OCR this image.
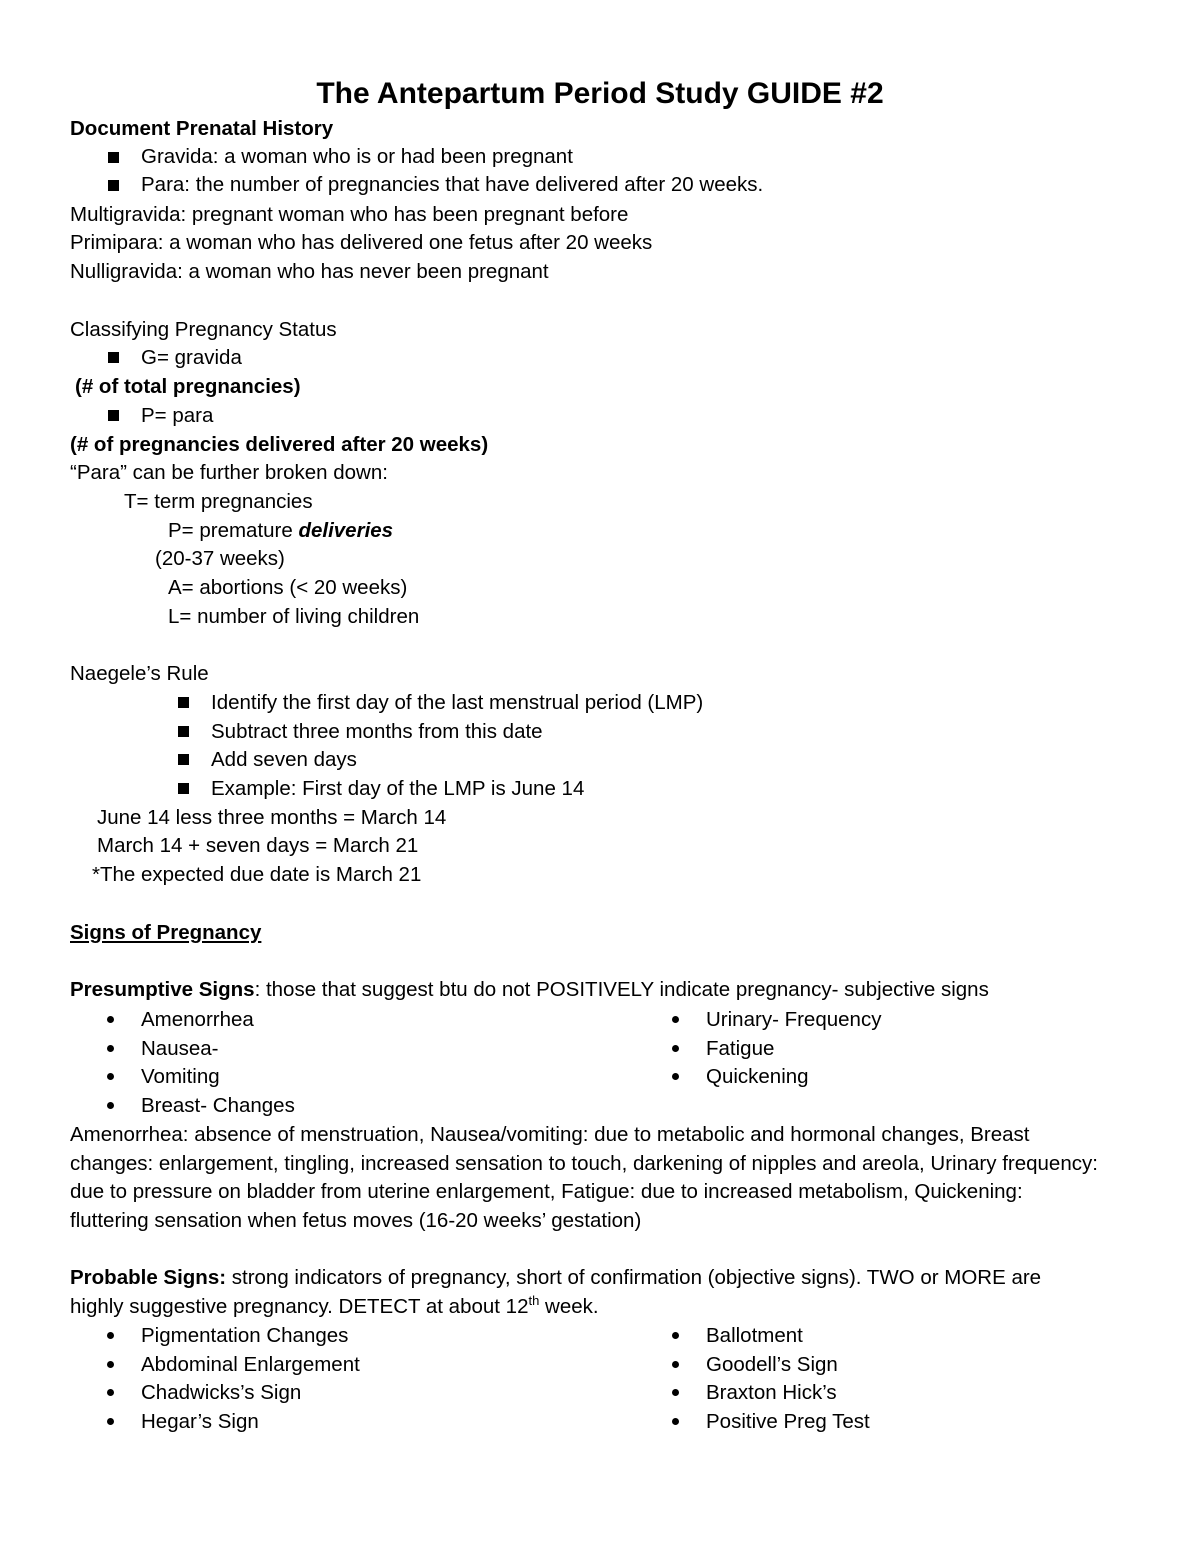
The Antepartum Period Study GUIDE #2
Document Prenatal History
Gravida: a woman who is or had been pregnant
Para: the number of pregnancies that have delivered after 20 weeks.
Multigravida: pregnant woman who has been pregnant before
Primipara: a woman who has delivered one fetus after 20 weeks
Nulligravida: a woman who has never been pregnant
Classifying Pregnancy Status
G= gravida
(# of total pregnancies)
P= para
(# of pregnancies delivered after 20 weeks)
“Para” can be further broken down:
T= term pregnancies
P= premature deliveries
(20-37 weeks)
A= abortions (< 20 weeks)
L= number of living children
Naegele’s Rule
Identify the first day of the last menstrual period (LMP)
Subtract three months from this date
Add seven days
Example: First day of the LMP is June 14
June 14 less three months = March 14
March 14 + seven days = March 21
*The expected due date is March 21
Signs of Pregnancy
Presumptive Signs: those that suggest btu do not POSITIVELY indicate pregnancy- subjective signs
Amenorrhea
Nausea-
Vomiting
Breast- Changes
Urinary- Frequency
Fatigue
Quickening
Amenorrhea: absence of menstruation, Nausea/vomiting: due to metabolic and hormonal changes, Breast changes: enlargement, tingling, increased sensation to touch, darkening of nipples and areola, Urinary frequency: due to pressure on bladder from uterine enlargement, Fatigue: due to increased metabolism, Quickening: fluttering sensation when fetus moves (16-20 weeks’ gestation)
Probable Signs: strong indicators of pregnancy, short of confirmation (objective signs). TWO or MORE are highly suggestive pregnancy. DETECT at about 12th week.
Pigmentation Changes
Abdominal Enlargement
Chadwicks’s Sign
Hegar’s Sign
Ballotment
Goodell’s Sign
Braxton Hick’s
Positive Preg Test
